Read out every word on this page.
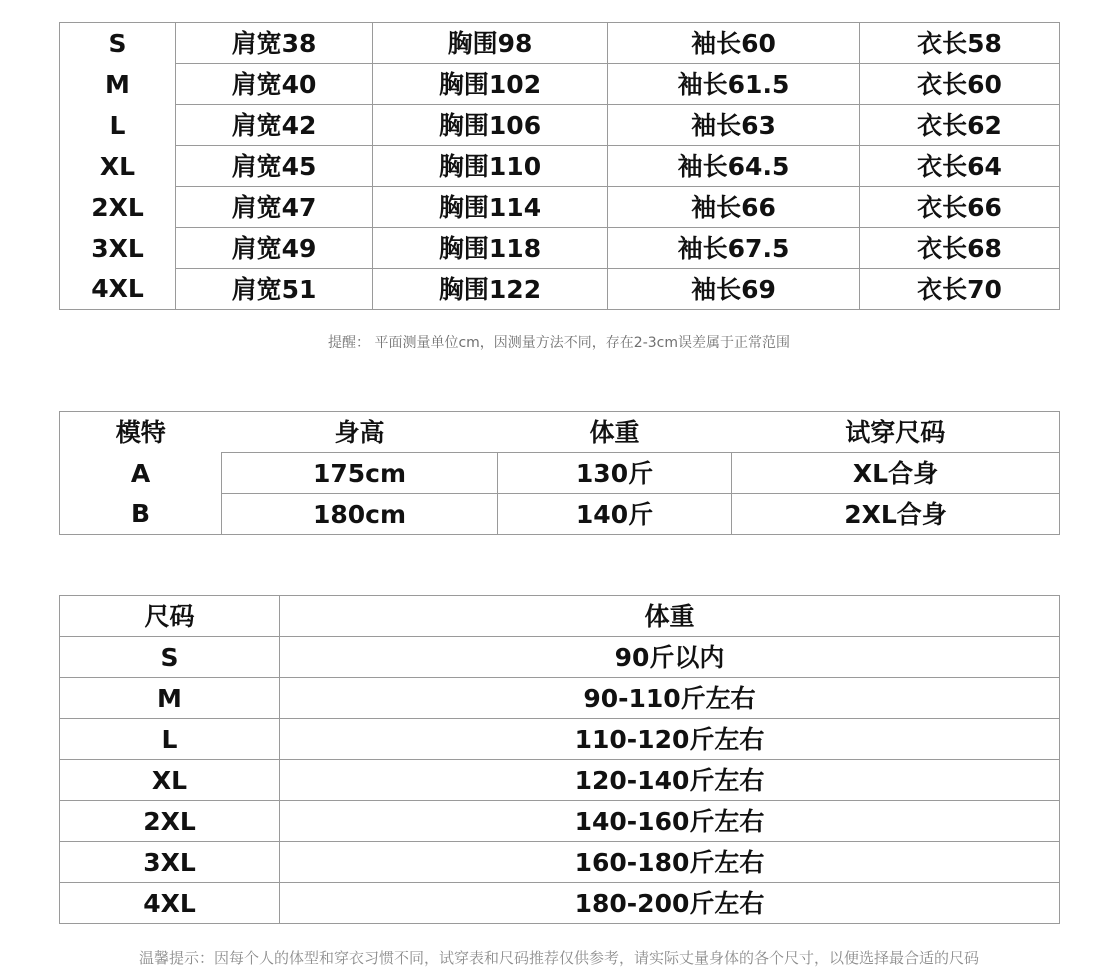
S	肩宽38	胸围98	袖长60	衣长58
M	肩宽40	胸围102	袖长61.5	衣长60
L	肩宽42	胸围106	袖长63	衣长62
XL	肩宽45	胸围110	袖长64.5	衣长64
2XL	肩宽47	胸围114	袖长66	衣长66
3XL	肩宽49	胸围118	袖长67.5	衣长68
4XL	肩宽51	胸围122	袖长69	衣长70
提醒： 平面测量单位cm，因测量方法不同，存在2-3cm误差属于正常范围
模特	身高	体重	试穿尺码
A	175cm	130斤	XL合身
B	180cm	140斤	2XL合身
尺码	体重
S	90斤以内
M	90-110斤左右
L	110-120斤左右
XL	120-140斤左右
2XL	140-160斤左右
3XL	160-180斤左右
4XL	180-200斤左右
温馨提示：因每个人的体型和穿衣习惯不同，试穿表和尺码推荐仅供参考，请实际丈量身体的各个尺寸，以便选择最合适的尺码
